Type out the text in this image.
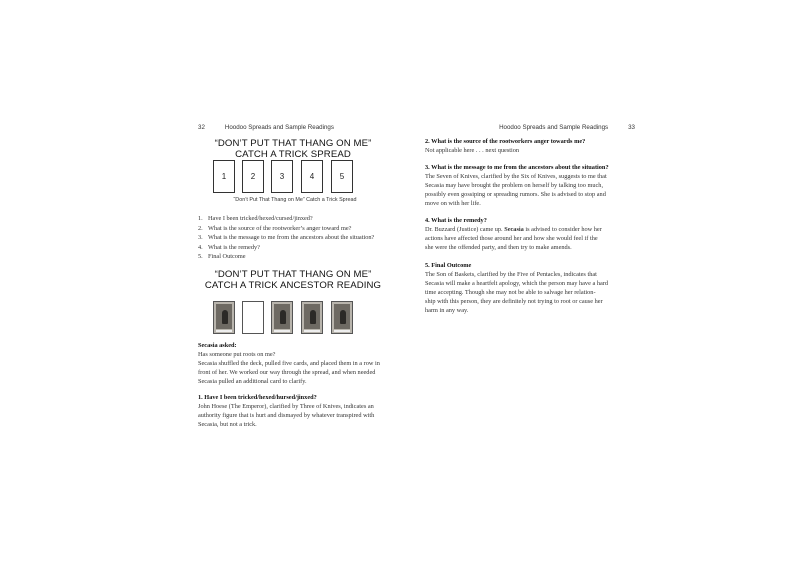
32	Hoodoo Spreads and Sample Readings
“DON’T PUT THAT THANG ON ME”
CATCH A TRICK SPREAD
1	2	3	4	5
“Don’t Put That Thang on Me” Catch a Trick Spread
1. Have I been tricked/hexed/cursed/jinxed?
2. What is the source of the rootworker’s anger toward me?
3. What is the message to me from the ancestors about the situation?
4. What is the remedy?
5. Final Outcome
“DON’T PUT THAT THANG ON ME”
CATCH A TRICK ANCESTOR READING

Secasia asked:

Has someone put roots on me?

Secasia shuffled the deck, pulled five cards, and placed them in a row in

front of her. We worked our way through the spread, and when needed

Secasia pulled an additional card to clarify.

1. Have I been tricked/hexed/hursed/jinxed?

John Hoese (The Emperor), clarified by Three of Knives, indicates an

authority figure that is hurt and dismayed by whatever transpired with

Secasia, but not a trick.

Hoodoo Spreads and Sample Readings	33

2. What is the source of the rootworkers anger towards me?

Not applicable here . . . next question

3. What is the message to me from the ancestors about the situation?

The Seven of Knives, clarified by the Six of Knives, suggests to me that

Secasia may have brought the problem on herself by talking too much,

possibly even gossiping or spreading rumors. She is advised to stop and

move on with her life.

4. What is the remedy?

Dr. Buzzard (Justice) came up. Secasia is advised to consider how her

actions have affected those around her and how she would feel if the

she were the offended party, and then try to make amends.

5. Final Outcome

The Son of Baskets, clarified by the Five of Pentacles, indicates that

Secasia will make a heartfelt apology, which the person may have a hard

time accepting. Though she may not be able to salvage her relation-

ship with this person, they are definitely not trying to root or cause her

harm in any way.
